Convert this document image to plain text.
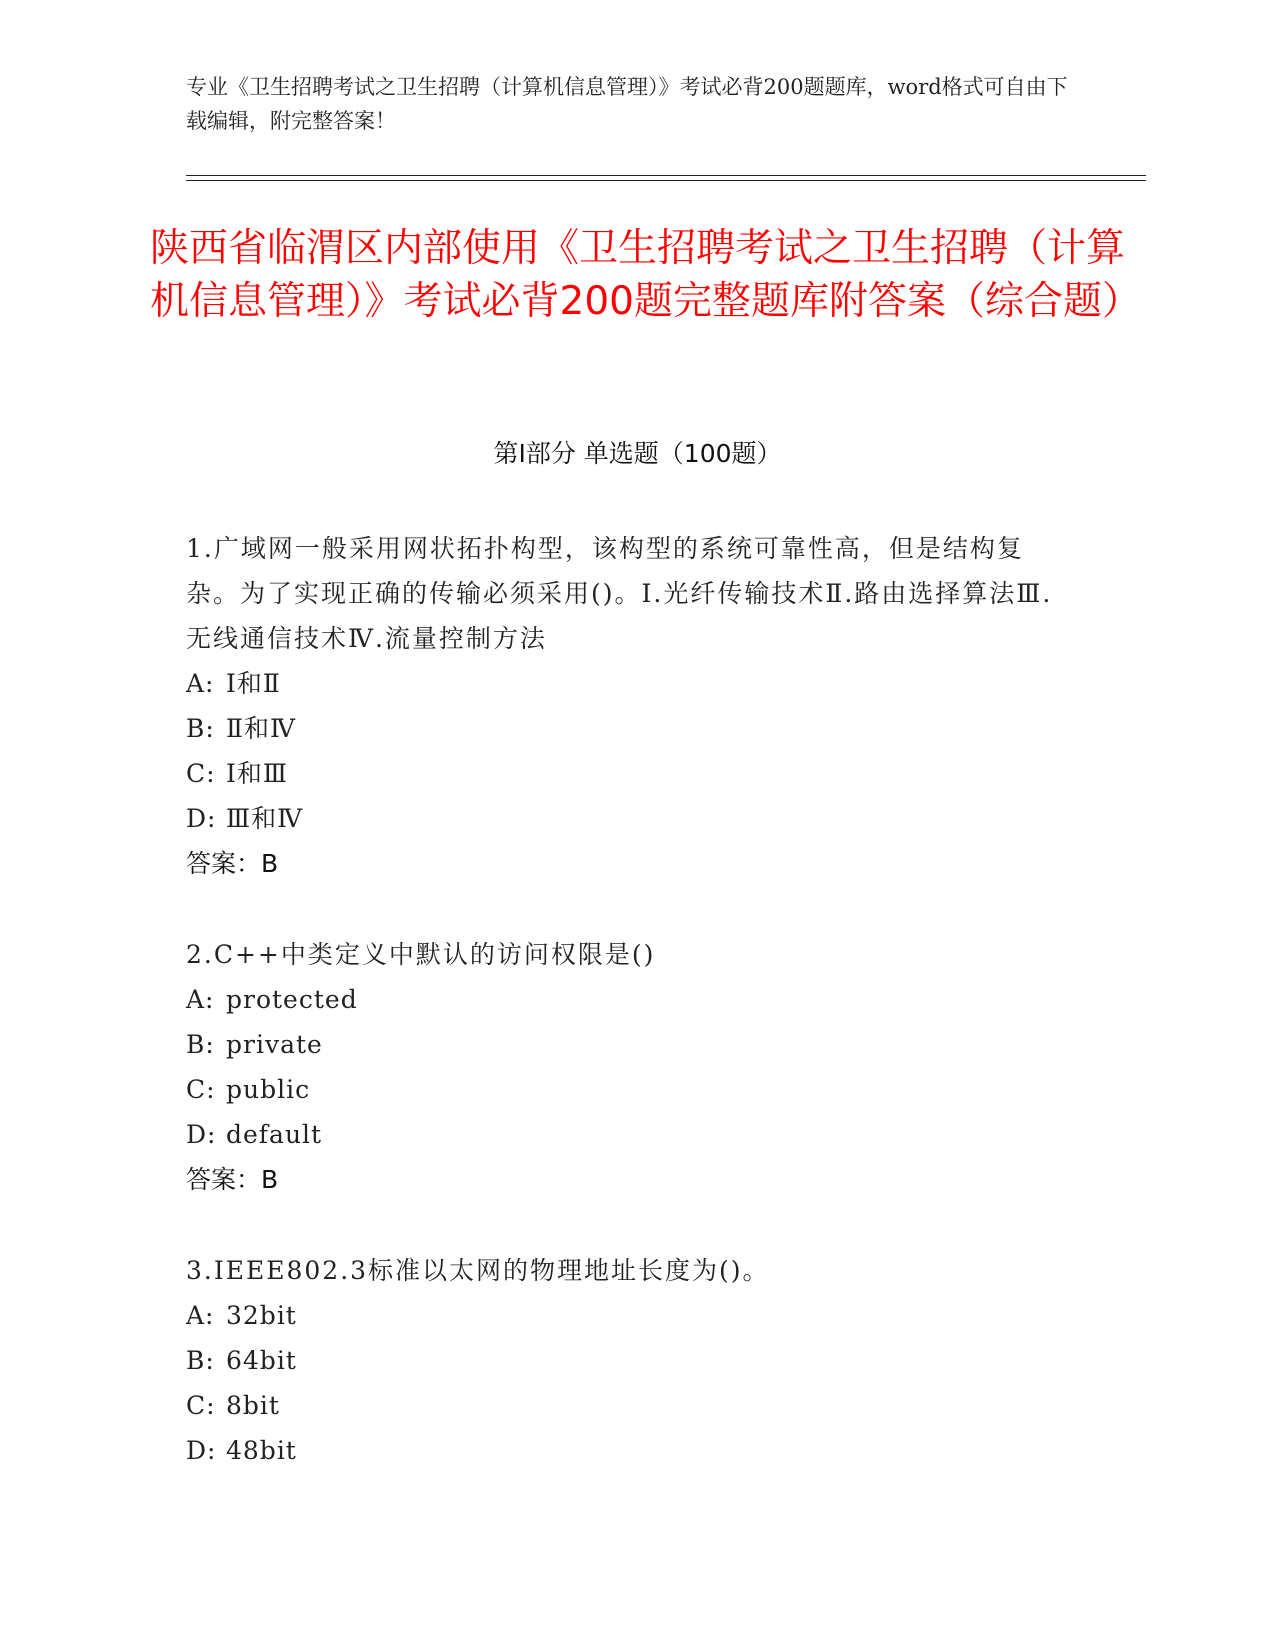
专业《卫生招聘考试之卫生招聘（计算机信息管理）》考试必背200题题库，word格式可自由下载编辑，附完整答案！

陕西省临渭区内部使用《卫生招聘考试之卫生招聘（计算机信息管理）》考试必背200题完整题库附答案（综合题）
第Ⅰ部分 单选题（100题）

1.广域网一般采用网状拓扑构型，该构型的系统可靠性高，但是结构复杂。为了实现正确的传输必须采用()。Ⅰ.光纤传输技术Ⅱ.路由选择算法Ⅲ.无线通信技术Ⅳ.流量控制方法

A: Ⅰ和Ⅱ
B: Ⅱ和Ⅳ
C: Ⅰ和Ⅲ
D: Ⅲ和Ⅳ

答案：B

2.C++中类定义中默认的访问权限是()

A: protected
B: private
C: public
D: default

答案：B

3.IEEE802.3标准以太网的物理地址长度为()。

A: 32bit
B: 64bit
C: 8bit
D: 48bit
